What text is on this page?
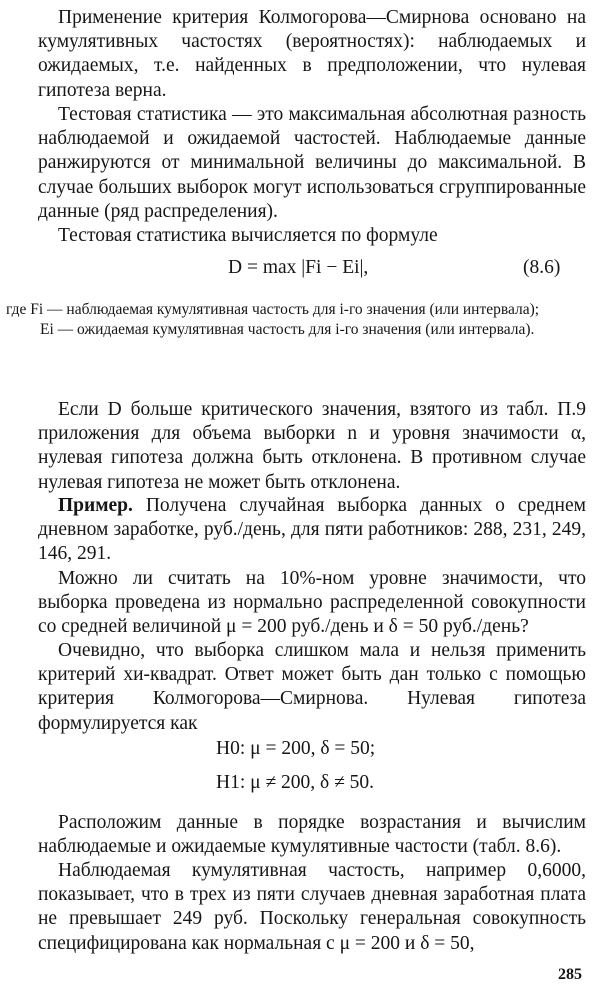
Применение критерия Колмогорова—Смирнова основано на кумулятивных частостях (вероятностях): наблюдаемых и ожидаемых, т.е. найденных в предположении, что нулевая гипотеза верна.

Тестовая статистика — это максимальная абсолютная разность наблюдаемой и ожидаемой частостей. Наблюдаемые данные ранжируются от минимальной величины до максимальной. В случае больших выборок могут использоваться сгруппированные данные (ряд распределения).

Тестовая статистика вычисляется по формуле

D = max |Fi − Ei|,	(8.6)

где Fi — наблюдаемая кумулятивная частость для i-го значения (или интервала);

Ei — ожидаемая кумулятивная частость для i-го значения (или интервала).

Если D больше критического значения, взятого из табл. П.9 приложения для объема выборки n и уровня значимости α, нулевая гипотеза должна быть отклонена. В противном случае нулевая гипотеза не может быть отклонена.

Пример. Получена случайная выборка данных о среднем дневном заработке, руб./день, для пяти работников: 288, 231, 249, 146, 291.

Можно ли считать на 10%-ном уровне значимости, что выборка проведена из нормально распределенной совокупности со средней величиной μ = 200 руб./день и δ = 50 руб./день?

Очевидно, что выборка слишком мала и нельзя применить критерий хи-квадрат. Ответ может быть дан только с помощью критерия Колмогорова—Смирнова. Нулевая гипотеза формулируется как

H0: μ = 200, δ = 50;
H1: μ ≠ 200, δ ≠ 50.

Расположим данные в порядке возрастания и вычислим наблюдаемые и ожидаемые кумулятивные частости (табл. 8.6).

Наблюдаемая кумулятивная частость, например 0,6000, показывает, что в трех из пяти случаев дневная заработная плата не превышает 249 руб. Поскольку генеральная совокупность специфицирована как нормальная с μ = 200 и δ = 50,

285
